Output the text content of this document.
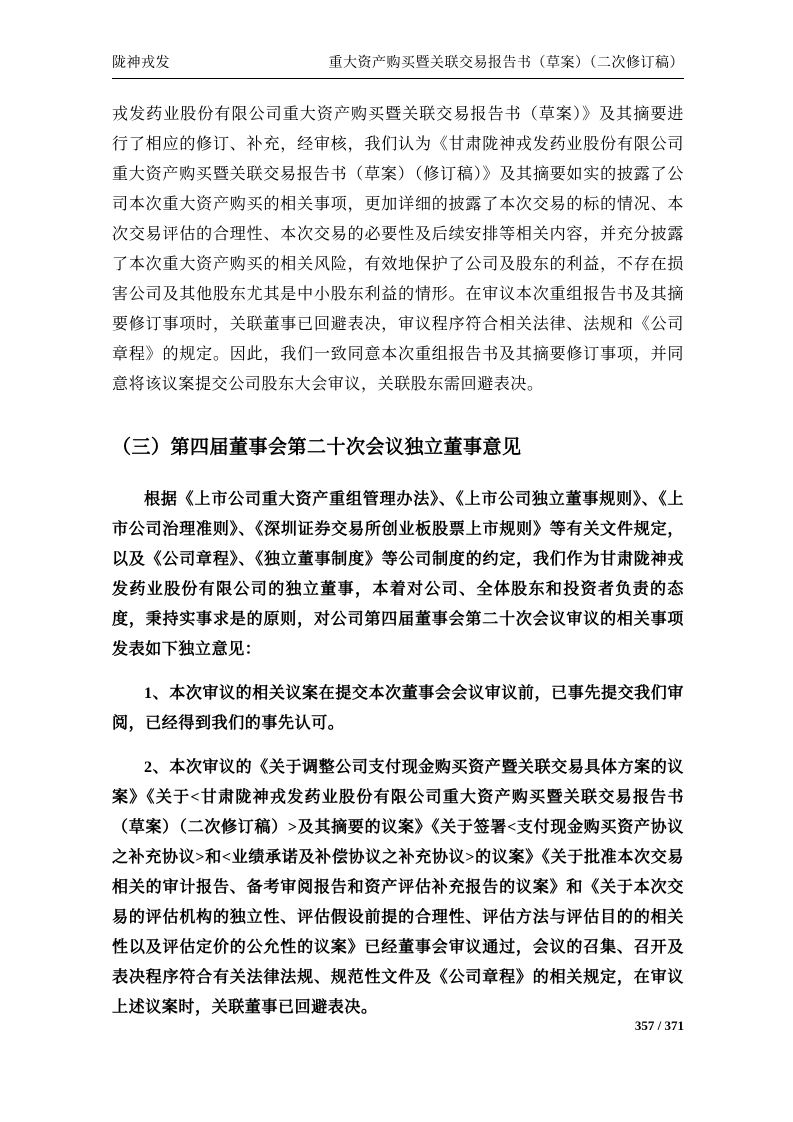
陇神戎发	重大资产购买暨关联交易报告书（草案）（二次修订稿）

戎发药业股份有限公司重大资产购买暨关联交易报告书（草案）》及其摘要进行了相应的修订、补充，经审核，我们认为《甘肃陇神戎发药业股份有限公司重大资产购买暨关联交易报告书（草案）（修订稿）》及其摘要如实的披露了公司本次重大资产购买的相关事项，更加详细的披露了本次交易的标的情况、本次交易评估的合理性、本次交易的必要性及后续安排等相关内容，并充分披露了本次重大资产购买的相关风险，有效地保护了公司及股东的利益，不存在损害公司及其他股东尤其是中小股东利益的情形。在审议本次重组报告书及其摘要修订事项时，关联董事已回避表决，审议程序符合相关法律、法规和《公司章程》的规定。因此，我们一致同意本次重组报告书及其摘要修订事项，并同意将该议案提交公司股东大会审议，关联股东需回避表决。

（三）第四届董事会第二十次会议独立董事意见

根据《上市公司重大资产重组管理办法》、《上市公司独立董事规则》、《上市公司治理准则》、《深圳证券交易所创业板股票上市规则》等有关文件规定，以及《公司章程》、《独立董事制度》等公司制度的约定，我们作为甘肃陇神戎发药业股份有限公司的独立董事，本着对公司、全体股东和投资者负责的态度，秉持实事求是的原则，对公司第四届董事会第二十次会议审议的相关事项发表如下独立意见：

1、本次审议的相关议案在提交本次董事会会议审议前，已事先提交我们审阅，已经得到我们的事先认可。

2、本次审议的《关于调整公司支付现金购买资产暨关联交易具体方案的议案》《关于<甘肃陇神戎发药业股份有限公司重大资产购买暨关联交易报告书（草案）（二次修订稿）>及其摘要的议案》《关于签署<支付现金购买资产协议之补充协议>和<业绩承诺及补偿协议之补充协议>的议案》《关于批准本次交易相关的审计报告、备考审阅报告和资产评估补充报告的议案》和《关于本次交易的评估机构的独立性、评估假设前提的合理性、评估方法与评估目的的相关性以及评估定价的公允性的议案》已经董事会审议通过，会议的召集、召开及表决程序符合有关法律法规、规范性文件及《公司章程》的相关规定，在审议上述议案时，关联董事已回避表决。

357 / 371
